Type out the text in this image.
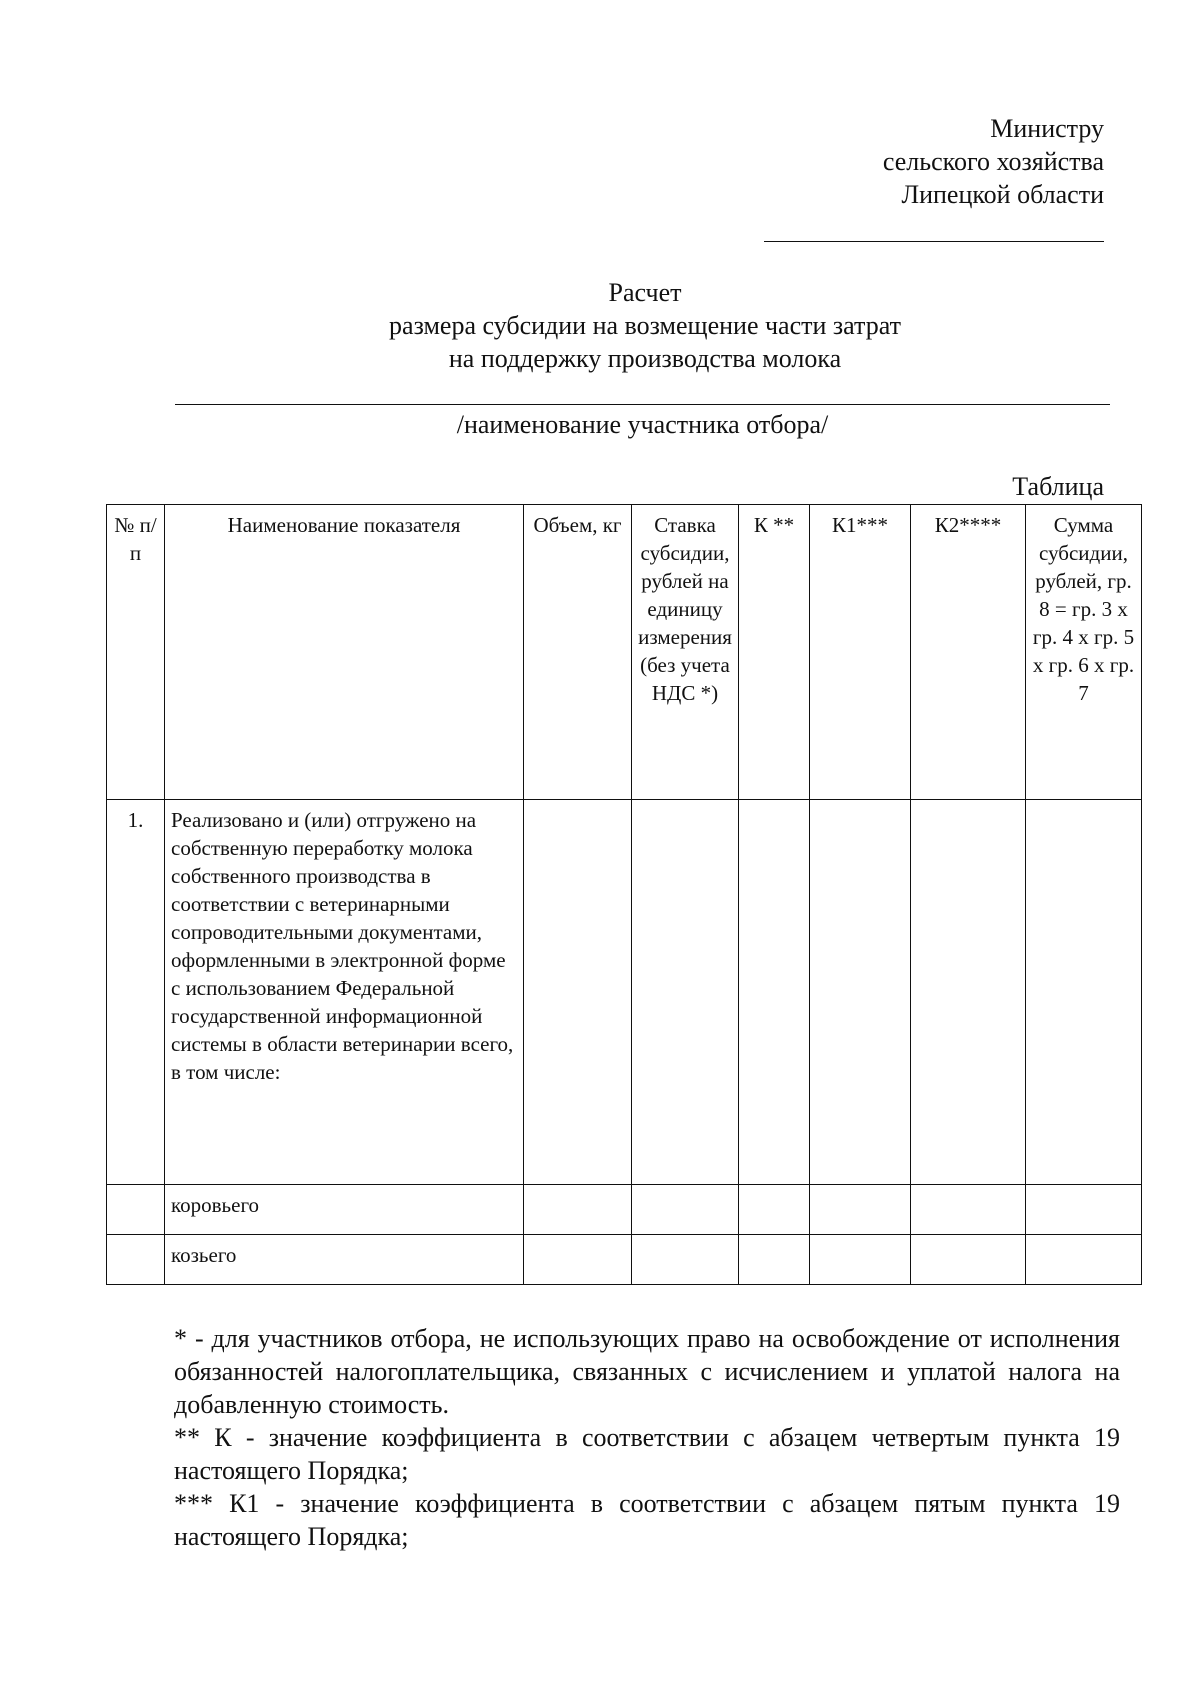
Министру
сельского хозяйства
Липецкой области
Расчет
размера субсидии на возмещение части затрат
на поддержку производства молока
/наименование участника отбора/
Таблица
№ п/п	Наименование показателя	Объем, кг	Ставка субсидии, рублей на единицу измерения (без учета НДС *)	К **	К1***	К2****	Сумма субсидии, рублей, гр. 8 = гр. 3 x гр. 4 x гр. 5 x гр. 6 x гр. 7
1.	Реализовано и (или) отгружено на собственную переработку молока собственного производства в соответствии с ветеринарными сопроводительными документами, оформленными в электронной форме с использованием Федеральной государственной информационной системы в области ветеринарии всего, в том числе:						
	коровьего						
	козьего						

* - для участников отбора, не использующих право на освобождение от исполнения обязанностей налогоплательщика, связанных с исчислением и уплатой налога на добавленную стоимость.

** К - значение коэффициента в соответствии с абзацем четвертым пункта 19 настоящего Порядка;

*** К1 - значение коэффициента в соответствии с абзацем пятым пункта 19 настоящего Порядка;
